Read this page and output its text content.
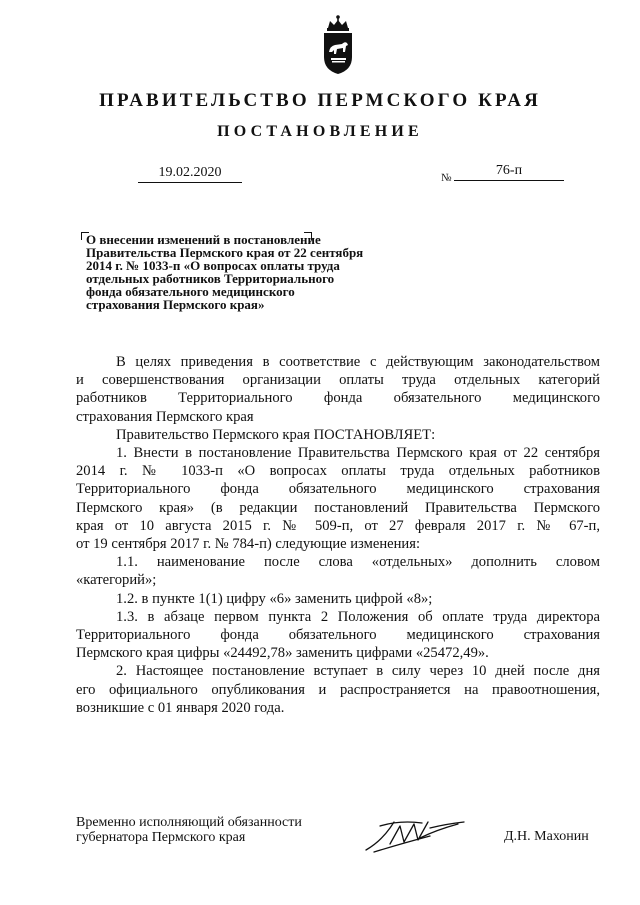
ПРАВИТЕЛЬСТВО ПЕРМСКОГО КРАЯ
ПОСТАНОВЛЕНИЕ
19.02.2020	№	76-п
О внесении изменений в постановление
Правительства Пермского края от 22 сентября
2014 г. № 1033-п «О вопросах оплаты труда
отдельных работников Территориального
фонда обязательного медицинского
страхования Пермского края»

В целях приведения в соответствие с действующим законодательством

и совершенствования организации оплаты труда отдельных категорий

работников Территориального фонда обязательного медицинского

страхования Пермского края

Правительство Пермского края ПОСТАНОВЛЯЕТ:

1. Внести в постановление Правительства Пермского края от 22 сентября

2014 г. № 1033-п «О вопросах оплаты труда отдельных работников

Территориального фонда обязательного медицинского страхования

Пермского края» (в редакции постановлений Правительства Пермского

края от 10 августа 2015 г. № 509-п, от 27 февраля 2017 г. № 67-п,

от 19 сентября 2017 г. № 784-п) следующие изменения:

1.1. наименование после слова «отдельных» дополнить словом

«категорий»;

1.2. в пункте 1(1) цифру «6» заменить цифрой «8»;

1.3. в абзаце первом пункта 2 Положения об оплате труда директора

Территориального фонда обязательного медицинского страхования

Пермского края цифры «24492,78» заменить цифрами «25472,49».

2. Настоящее постановление вступает в силу через 10 дней после дня

его официального опубликования и распространяется на правоотношения,

возникшие с 01 января 2020 года.

Временно исполняющий обязанности
губернатора Пермского края	Д.Н. Махонин
